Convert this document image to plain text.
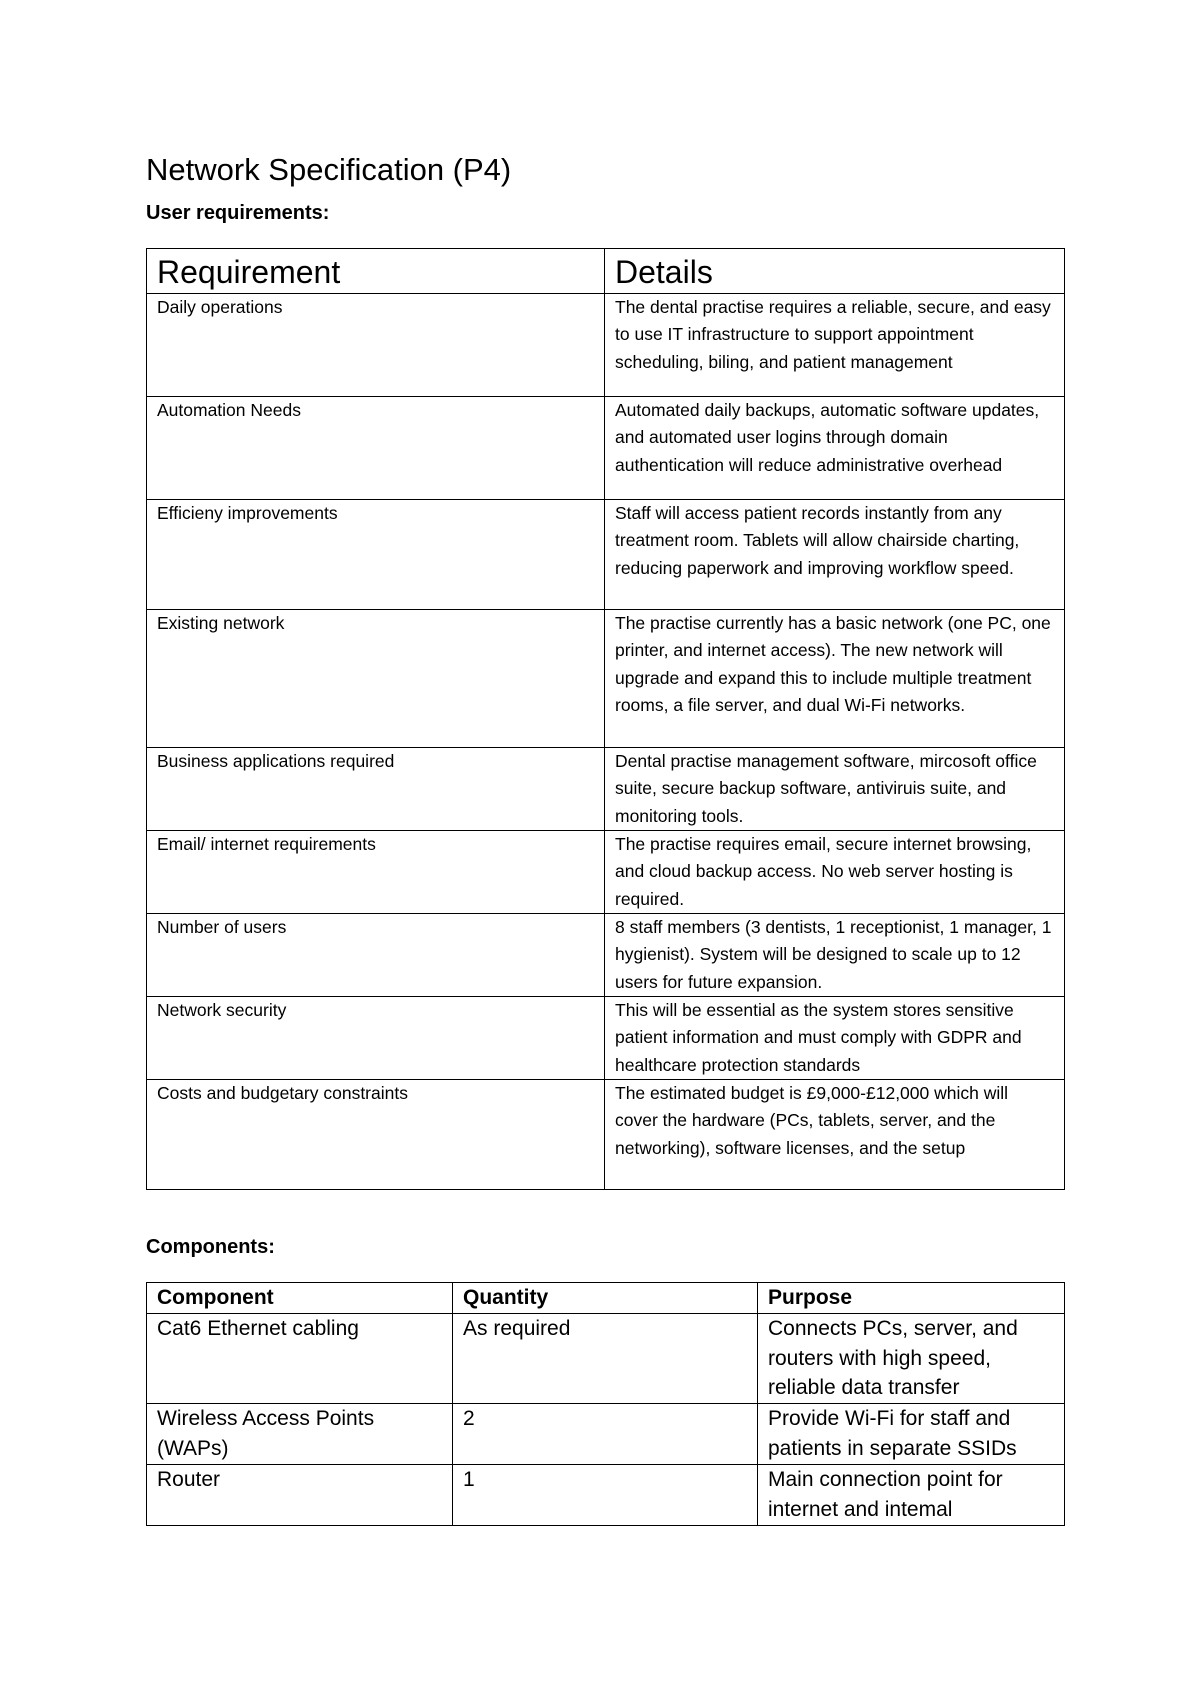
Network Specification (P4)
User requirements:
Requirement	Details
Daily operations	The dental practise requires a reliable, secure, and easy to use IT infrastructure to support appointment scheduling, biling, and patient management
Automation Needs	Automated daily backups, automatic software updates, and automated user logins through domain authentication will reduce administrative overhead
Efficieny improvements	Staff will access patient records instantly from any treatment room. Tablets will allow chairside charting, reducing paperwork and improving workflow speed.
Existing network	The practise currently has a basic network (one PC, one printer, and internet access). The new network will upgrade and expand this to include multiple treatment rooms, a file server, and dual Wi-Fi networks.
Business applications required	Dental practise management software, mircosoft office suite, secure backup software, antiviruis suite, and monitoring tools.
Email/ internet requirements	The practise requires email, secure internet browsing, and cloud backup access. No web server hosting is required.
Number of users	8 staff members (3 dentists, 1 receptionist, 1 manager, 1 hygienist). System will be designed to scale up to 12 users for future expansion.
Network security	This will be essential as the system stores sensitive patient information and must comply with GDPR and healthcare protection standards
Costs and budgetary constraints	The estimated budget is £9,000-£12,000 which will cover the hardware (PCs, tablets, server, and the networking), software licenses, and the setup
Components:
Component	Quantity	Purpose
Cat6 Ethernet cabling	As required	Connects PCs, server, and routers with high speed, reliable data transfer
Wireless Access Points (WAPs)	2	Provide Wi-Fi for staff and patients in separate SSIDs
Router	1	Main connection point for internet and intemal
